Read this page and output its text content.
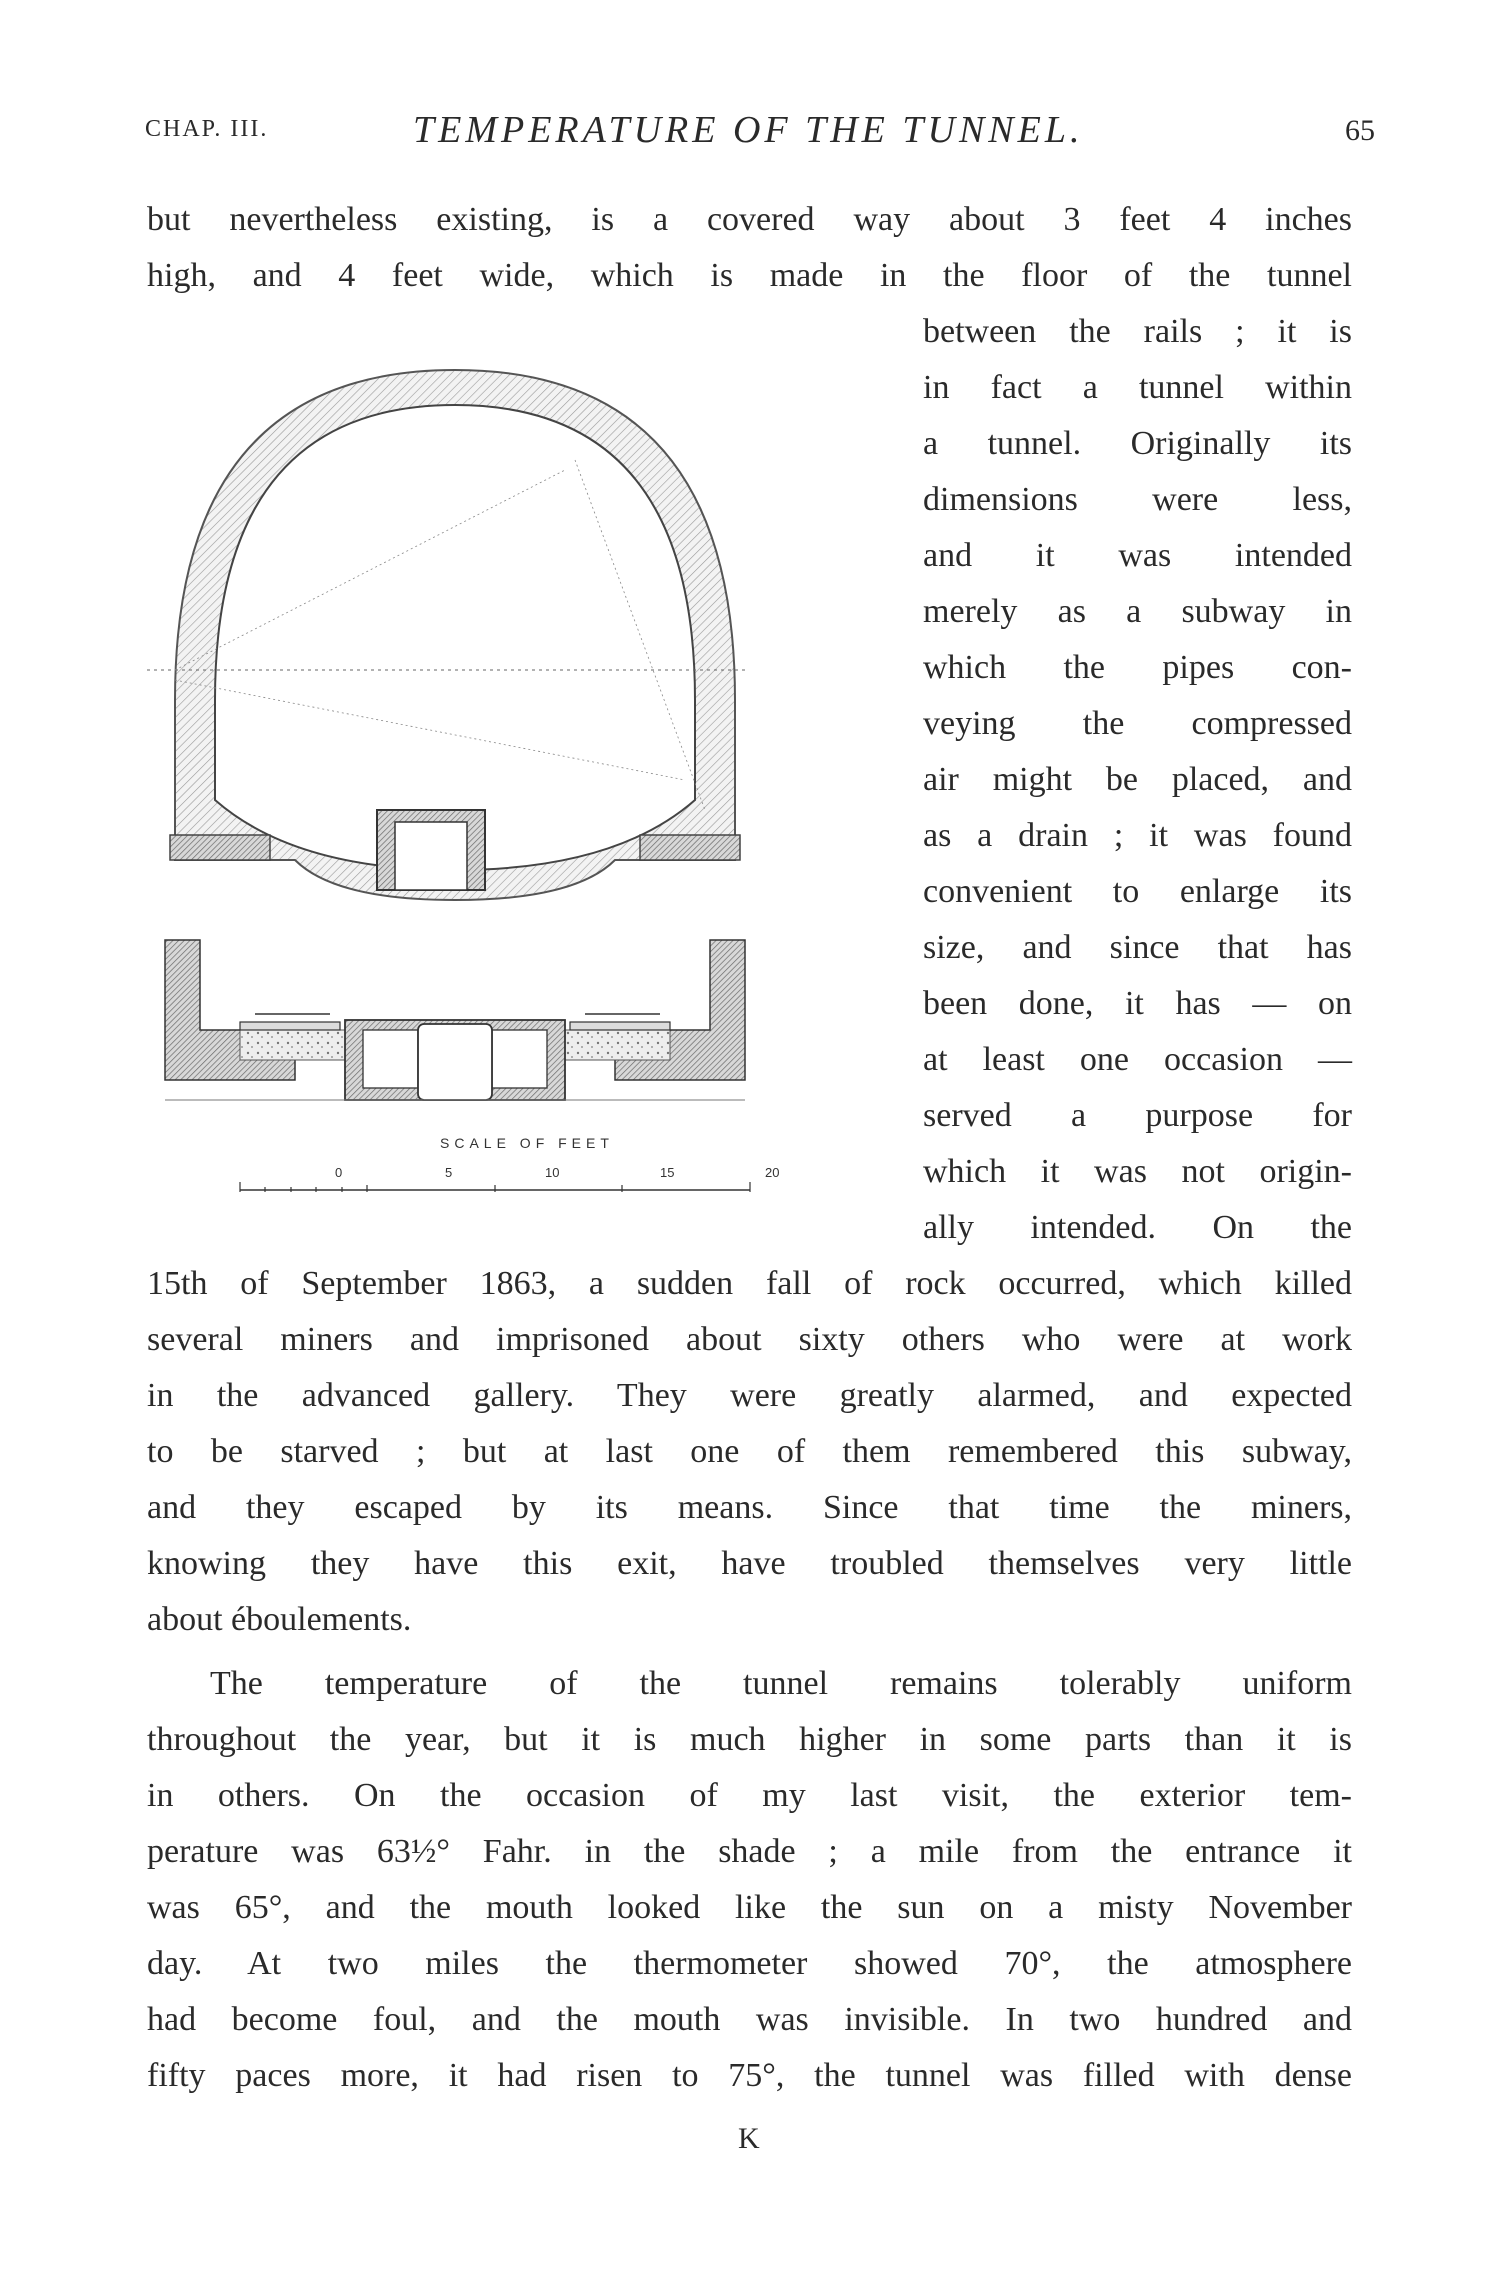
CHAP. III.	TEMPERATURE OF THE TUNNEL.	65
SCALE OF FEET
0	5	10	15	20
but nevertheless existing, is a covered way about 3 feet 4 inches
high, and 4 feet wide, which is made in the floor of the tunnel
between the rails ; it is
in fact a tunnel within
a tunnel. Originally its
dimensions were less,
and it was intended
merely as a subway in
which the pipes con-
veying the compressed
air might be placed, and
as a drain ; it was found
convenient to enlarge its
size, and since that has
been done, it has — on
at least one occasion —
served a purpose for
which it was not origin-
ally intended. On the
15th of September 1863, a sudden fall of rock occurred, which killed
several miners and imprisoned about sixty others who were at work
in the advanced gallery. They were greatly alarmed, and expected
to be starved ; but at last one of them remembered this subway,
and they escaped by its means. Since that time the miners,
knowing they have this exit, have troubled themselves very little
about éboulements.
The temperature of the tunnel remains tolerably uniform
throughout the year, but it is much higher in some parts than it is
in others. On the occasion of my last visit, the exterior tem-
perature was 63½° Fahr. in the shade ; a mile from the entrance it
was 65°, and the mouth looked like the sun on a misty November
day. At two miles the thermometer showed 70°, the atmosphere
had become foul, and the mouth was invisible. In two hundred and
fifty paces more, it had risen to 75°, the tunnel was filled with dense
K
